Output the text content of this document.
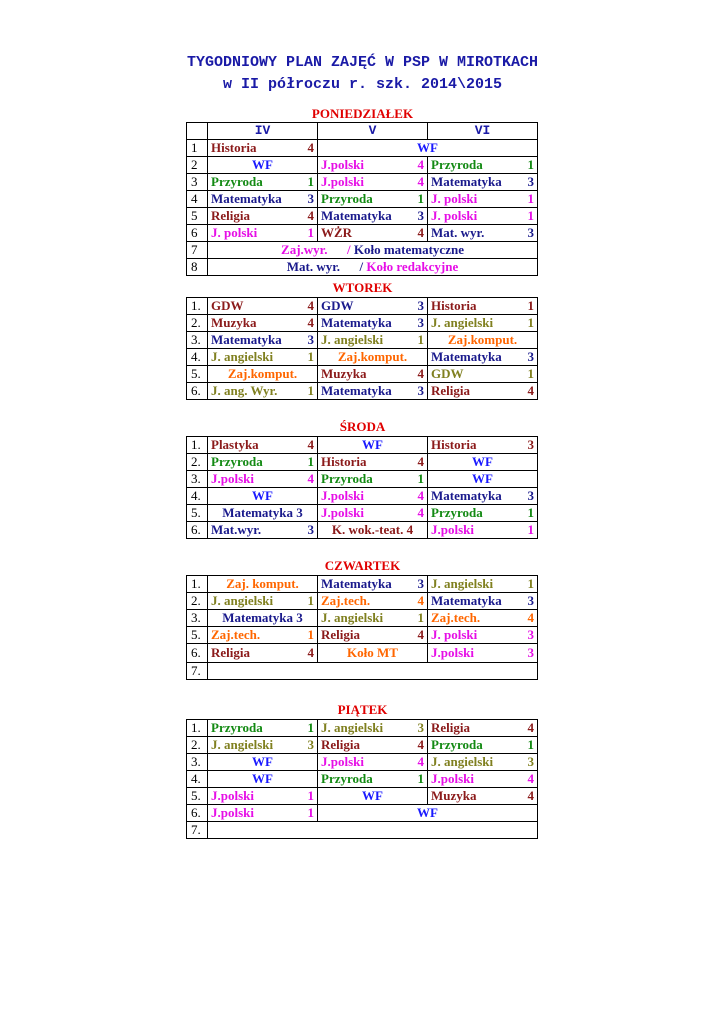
TYGODNIOWY PLAN ZAJĘĆ W PSP W MIROTKACH
w II półroczu r. szk. 2014\2015
PONIEDZIAŁEK
	IV	V	VI
1	Historia 4	WF	
2	WF	J.polski 4	Przyroda 1

3	Przyroda 1	J.polski 4	Matematyka 3

4	Matematyka 3	Przyroda 1	J. polski 1

5	Religia 4	Matematyka 3	J. polski 1

6	J. polski 1	WŻR 4	Mat. wyr. 3

7	Zaj.wyr.      / Koło matematyczne		
8	Mat. wyr.      / Koło redakcyjne		
WTOREK
1.	GDW 4	GDW 3	Historia 1

2.	Muzyka 4	Matematyka 3	J. angielski 1

3.	Matematyka 3	J. angielski 1	Zaj.komput.
4.	J. angielski 1	Zaj.komput.	Matematyka 3

5.	Zaj.komput.	Muzyka 4	GDW 1

6.	J. ang. Wyr. 1	Matematyka 3	Religia 4
ŚRODA
1.	Plastyka 4	WF	Historia 3

2.	Przyroda 1	Historia 4	WF
3.	J.polski 4	Przyroda 1	WF
4.	WF	J.polski 4	Matematyka 3

5.	Matematyka 3	J.polski 4	Przyroda 1

6.	Mat.wyr. 3	K. wok.-teat. 4	J.polski 1
CZWARTEK
1.	Zaj. komput.	Matematyka 3	J. angielski 1

2.	J. angielski 1	Zaj.tech. 4	Matematyka 3

3.	Matematyka 3	J. angielski 1	Zaj.tech. 4

5.	Zaj.tech. 1	Religia 4	J. polski 3

6.	Religia 4	Koło MT	J.polski 3

7.			
PIĄTEK
1.	Przyroda 1	J. angielski 3	Religia 4

2.	J. angielski 3	Religia 4	Przyroda 1

3.	WF	J.polski 4	J. angielski 3

4.	WF	Przyroda 1	J.polski 4

5.	J.polski 1	WF	Muzyka 4

6.	J.polski 1	WF	
7.			
